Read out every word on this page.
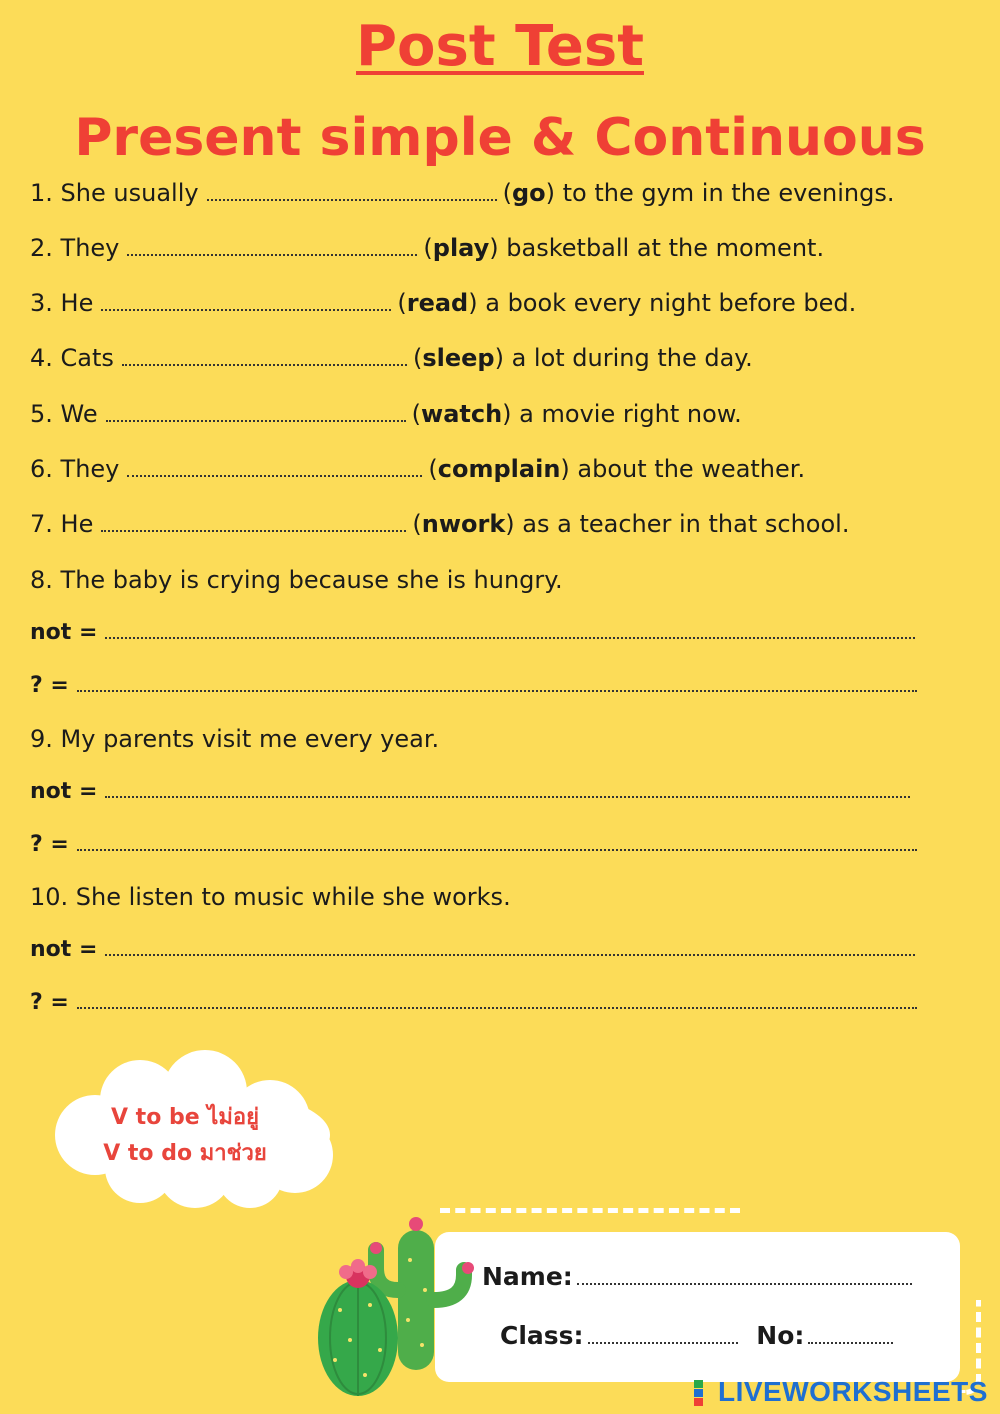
Post Test
Present simple & Continuous
1. She usually	(go) to the gym in the evenings.
2. They	(play) basketball at the moment.
3. He	(read) a book every night before bed.
4. Cats	(sleep) a lot during the day.
5. We	(watch) a movie right now.
6. They	(complain) about the weather.
7. He	(nwork) as a teacher in that school.
8. The baby is crying because she is hungry.
not =
? =
9. My parents visit me every year.
not =
? =
10. She listen to music while she works.
not =
? =
V to be ไม่อยู่
V to do มาช่วย
Name:
Class:	No:
LIVEWORKSHEETS
